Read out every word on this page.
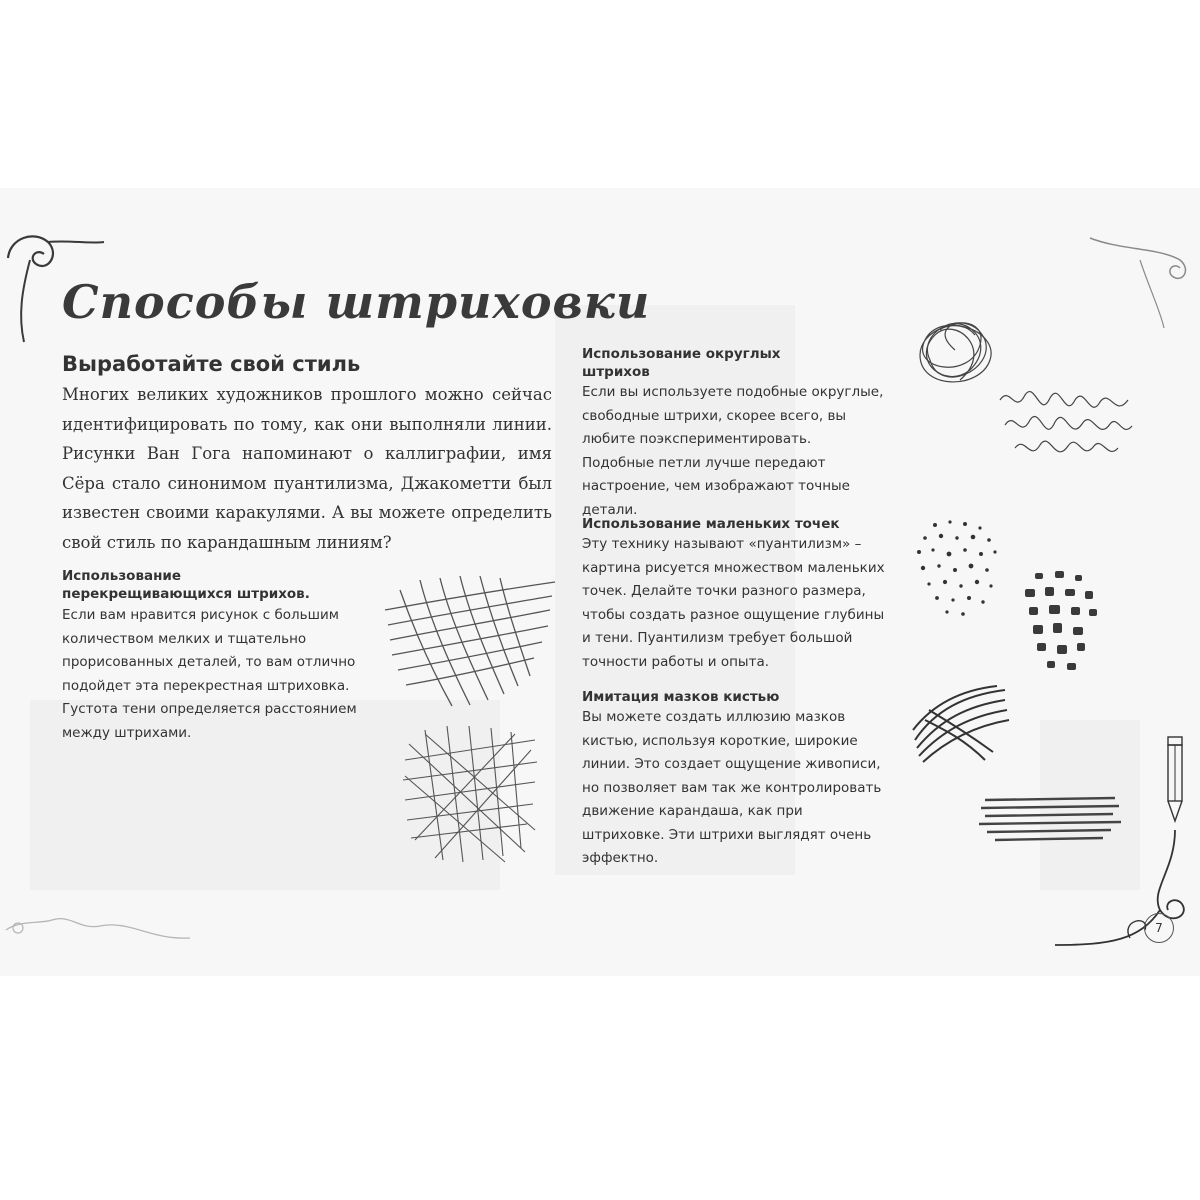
Способы штриховки
Выработайте свой стиль

Многих великих художников прошлого можно сейчас идентифицировать по тому, как они выполняли линии. Рисунки Ван Гога напоминают о каллиграфии, имя Сёра стало синонимом пуантилизма, Джакометти был известен своими каракулями. А вы можете определить свой стиль по карандашным линиям?

Использование
перекрещивающихся штрихов.

Если вам нравится рисунок с большим количеством мелких и тщательно прорисованных деталей, то вам отлично подойдет эта перекрестная штриховка. Густота тени определяется расстоянием между штрихами.

Использование округлых
штрихов

Если вы используете подобные округлые, свободные штрихи, скорее всего, вы любите поэкспериментировать. Подобные петли лучше передают настроение, чем изображают точные детали.

Использование маленьких точек

Эту технику называют «пуантилизм» – картина рисуется множеством маленьких точек. Делайте точки разного размера, чтобы создать разное ощущение глубины и тени. Пуантилизм требует большой точности работы и опыта.

Имитация мазков кистью

Вы можете создать иллюзию мазков кистью, используя короткие, широкие линии. Это создает ощущение живописи, но позволяет вам так же контролировать движение карандаша, как при штриховке. Эти штрихи выглядят очень эффектно.

7
